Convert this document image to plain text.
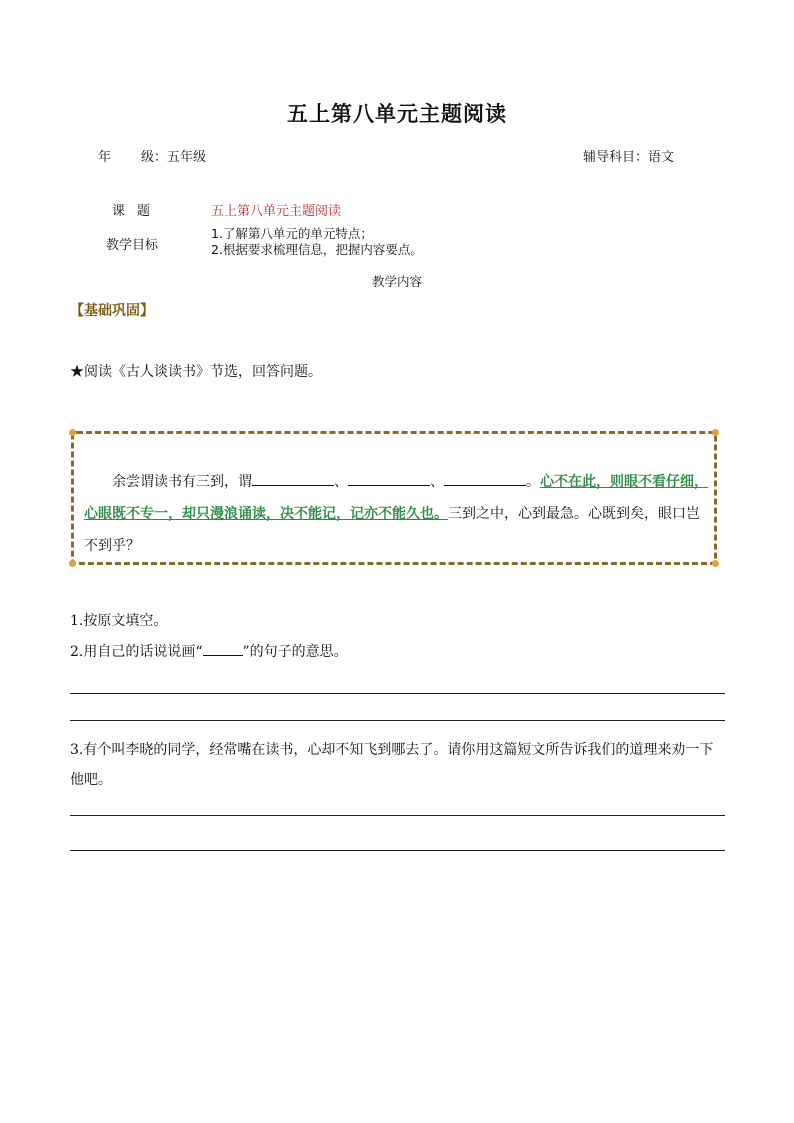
五上第八单元主题阅读
年 级：五年级	辅导科目：语文
课题	五上第八单元主题阅读
教学目标
1.了解第八单元的单元特点；
2.根据要求梳理信息，把握内容要点。
教学内容
【基础巩固】
★阅读《古人谈读书》节选，回答问题。
余尝谓读书有三到，谓	、	、	。心不在此，则眼不看仔细，心眼既不专一，却只漫浪诵读，决不能记，记亦不能久也。三到之中，心到最急。心既到矣，眼口岂不到乎？
1.按原文填空。
2.用自己的话说说画“	”的句子的意思。
3.有个叫李晓的同学，经常嘴在读书，心却不知飞到哪去了。请你用这篇短文所告诉我们的道理来劝一下他吧。
